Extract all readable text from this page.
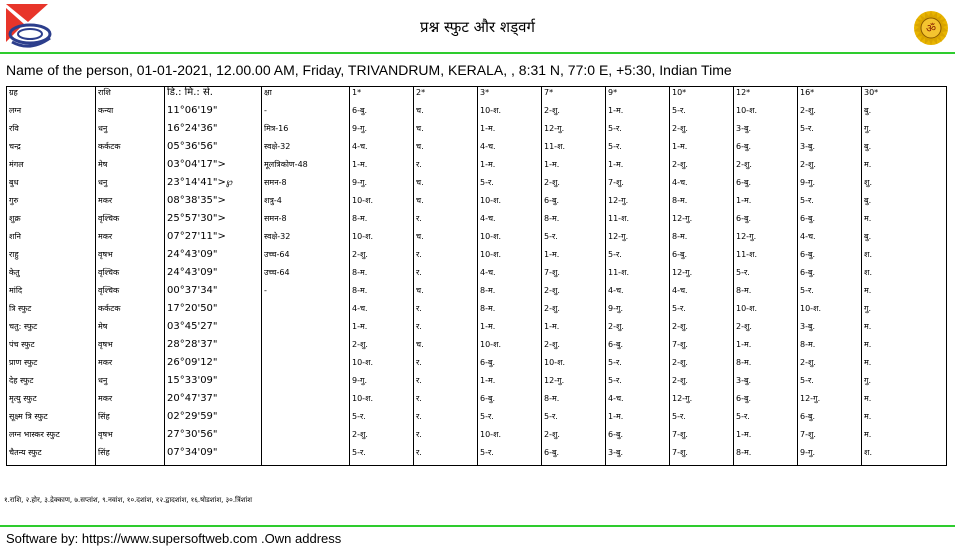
प्रश्न स्फुट और शड्वर्ग	ॐ
Name of the person, 01-01-2021, 12.00.00 AM, Friday, TRIVANDRUM, KERALA, , 8:31 N, 77:0 E, +5:30, Indian Time
ग्रह	राशि	डि.: मि.: से.	क्षा	1*	2*	3*	7*	9*	10*	12*	16*	30*
लग्न	कन्या	11°06'19"	-	6-बु.	च.	10-श.	2-शु.	1-म.	5-र.	10-श.	2-शु.	बु.
रवि	धनु	16°24'36"	मित्र-16	9-गु.	च.	1-म.	12-गु.	5-र.	2-शु.	3-बु.	5-र.	गु.
चन्द्र	कर्कटक	05°36'56"	स्वक्षे-32	4-च.	च.	4-च.	11-श.	5-र.	1-म.	6-बु.	3-बु.	बु.
मंगल	मेष	03°04'17">	मूलत्रिकोण-48	1-म.	र.	1-म.	1-म.	1-म.	2-शु.	2-शु.	2-शु.	म.
बुध	धनु	23°14'41">℘	समन-8	9-गु.	च.	5-र.	2-शु.	7-शु.	4-च.	6-बु.	9-गु.	शु.
गुरु	मकर	08°38'35">	शत्रु-4	10-श.	च.	10-श.	6-बु.	12-गु.	8-म.	1-म.	5-र.	बु.
शुक्र	वृश्चिक	25°57'30">	समन-8	8-म.	र.	4-च.	8-म.	11-श.	12-गु.	6-बु.	6-बु.	म.
शनि	मकर	07°27'11">	स्वक्षे-32	10-श.	च.	10-श.	5-र.	12-गु.	8-म.	12-गु.	4-च.	बु.
राहु	वृषभ	24°43'09"	उच्च-64	2-शु.	र.	10-श.	1-म.	5-र.	6-बु.	11-श.	6-बु.	श.
केतु	वृश्चिक	24°43'09"	उच्च-64	8-म.	र.	4-च.	7-शु.	11-श.	12-गु.	5-र.	6-बु.	श.
मांदि	वृश्चिक	00°37'34"	-	8-म.	च.	8-म.	2-शु.	4-च.	4-च.	8-म.	5-र.	म.
त्रि स्फुट	कर्कटक	17°20'50"		4-च.	र.	8-म.	2-शु.	9-गु.	5-र.	10-श.	10-श.	गु.
चतु: स्फुट	मेष	03°45'27"		1-म.	र.	1-म.	1-म.	2-शु.	2-शु.	2-शु.	3-बु.	म.
पंच स्फुट	वृषभ	28°28'37"		2-शु.	च.	10-श.	2-शु.	6-बु.	7-शु.	1-म.	8-म.	म.
प्राण स्फुट	मकर	26°09'12"		10-श.	र.	6-बु.	10-श.	5-र.	2-शु.	8-म.	2-शु.	म.
देह स्फुट	धनु	15°33'09"		9-गु.	र.	1-म.	12-गु.	5-र.	2-शु.	3-बु.	5-र.	गु.
मृत्यु स्फुट	मकर	20°47'37"		10-श.	र.	6-बु.	8-म.	4-च.	12-गु.	6-बु.	12-गु.	म.
सूक्ष्म त्रि स्फुट	सिंह	02°29'59"		5-र.	र.	5-र.	5-र.	1-म.	5-र.	5-र.	6-बु.	म.
लग्न भास्कर स्फुट	वृषभ	27°30'56"		2-शु.	र.	10-श.	2-शु.	6-बु.	7-शु.	1-म.	7-शु.	म.
चैतन्य स्फुट	सिंह	07°34'09"		5-र.	र.	5-र.	6-बु.	3-बु.	7-शु.	8-म.	9-गु.	श.
१.राशि, २.होर, ३.द्रेक्काण, ७.सप्तांश, ९.नवांश, १०.दशांश, १२.द्वादशांश, १६.षोडशांश, ३०.त्रिंशांश
Software by: https://www.supersoftweb.com .Own address
